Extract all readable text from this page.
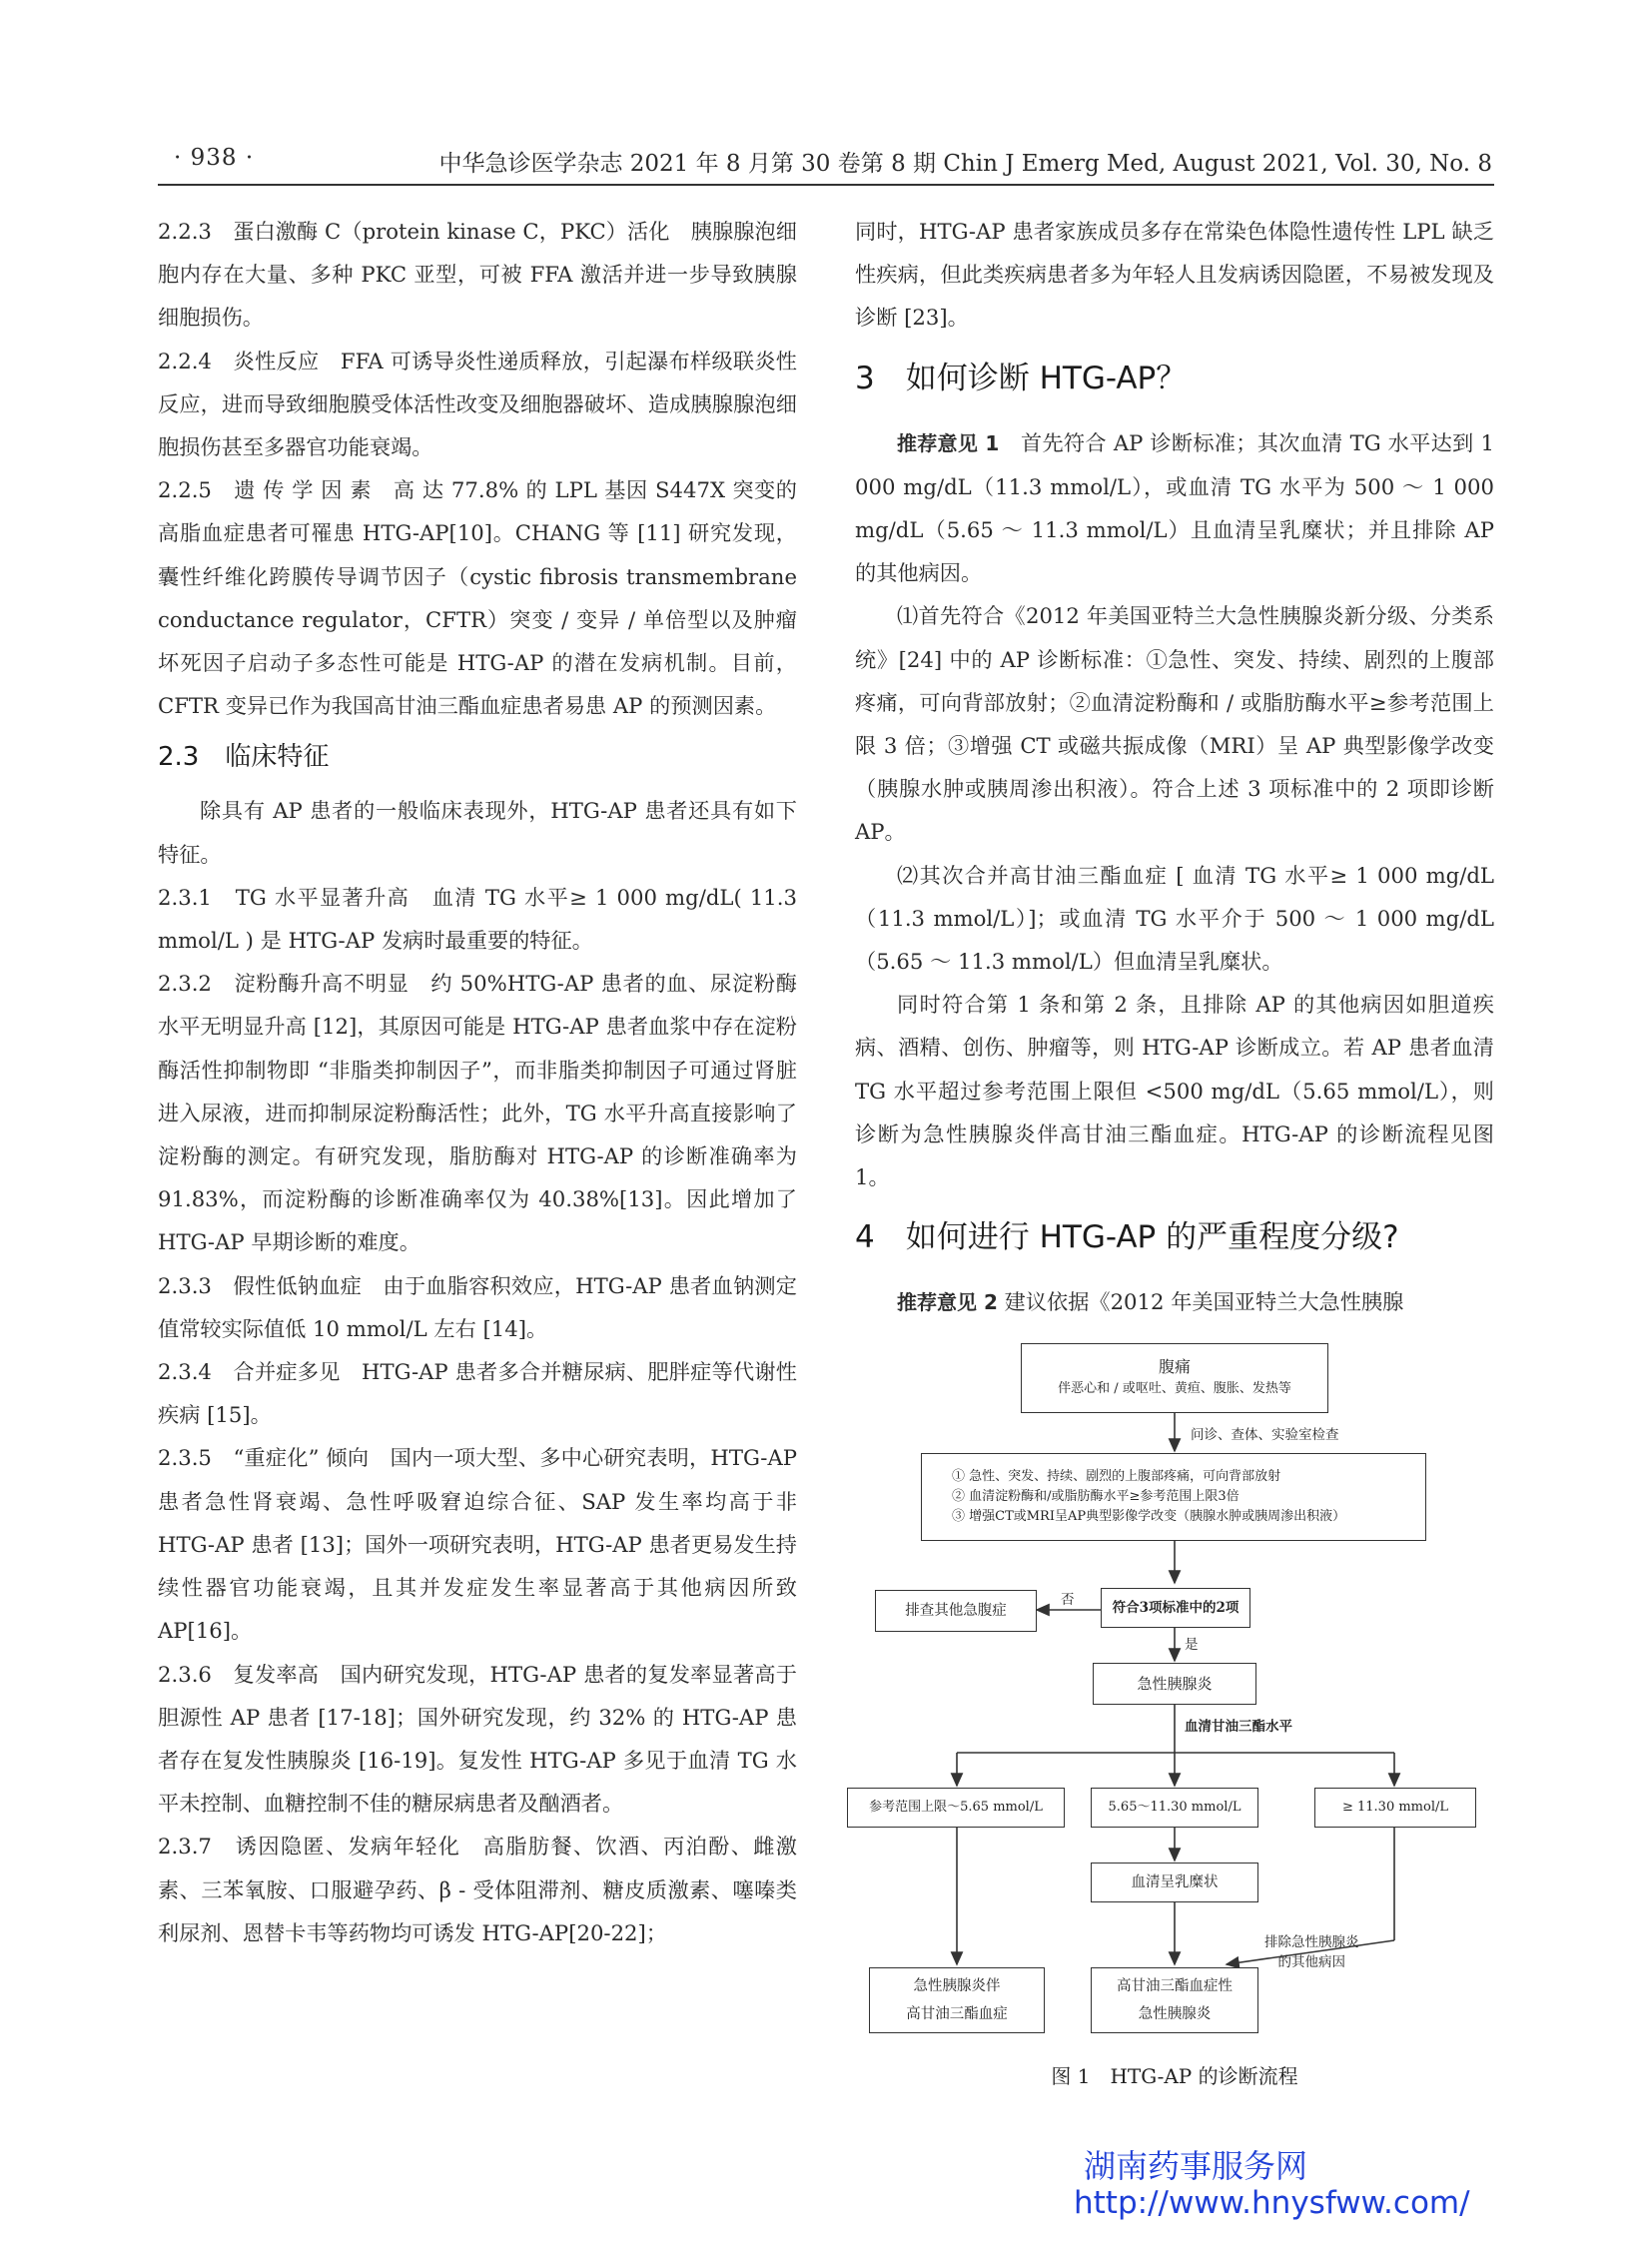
· 938 ·	中华急诊医学杂志 2021 年 8 月第 30 卷第 8 期 Chin J Emerg Med, August 2021, Vol. 30, No. 8

2.2.3　蛋白激酶 C（protein kinase C，PKC）活化　胰腺腺泡细胞内存在大量、多种 PKC 亚型，可被 FFA 激活并进一步导致胰腺细胞损伤。

2.2.4　炎性反应　FFA 可诱导炎性递质释放，引起瀑布样级联炎性反应，进而导致细胞膜受体活性改变及细胞器破坏、造成胰腺腺泡细胞损伤甚至多器官功能衰竭。

2.2.5　遗 传 学 因 素　高 达 77.8% 的 LPL 基因 S447X 突变的高脂血症患者可罹患 HTG-AP[10]。CHANG 等 [11] 研究发现，囊性纤维化跨膜传导调节因子（cystic fibrosis transmembrane conductance regulator，CFTR）突变 / 变异 / 单倍型以及肿瘤坏死因子启动子多态性可能是 HTG-AP 的潜在发病机制。目前，CFTR 变异已作为我国高甘油三酯血症患者易患 AP 的预测因素。

2.3　临床特征

除具有 AP 患者的一般临床表现外，HTG-AP 患者还具有如下特征。

2.3.1　TG 水平显著升高　血清 TG 水平≥ 1 000 mg/dL( 11.3 mmol/L ) 是 HTG-AP 发病时最重要的特征。

2.3.2　淀粉酶升高不明显　约 50%HTG-AP 患者的血、尿淀粉酶水平无明显升高 [12]，其原因可能是 HTG-AP 患者血浆中存在淀粉酶活性抑制物即 “非脂类抑制因子”，而非脂类抑制因子可通过肾脏进入尿液，进而抑制尿淀粉酶活性；此外，TG 水平升高直接影响了淀粉酶的测定。有研究发现，脂肪酶对 HTG-AP 的诊断准确率为 91.83%，而淀粉酶的诊断准确率仅为 40.38%[13]。因此增加了 HTG-AP 早期诊断的难度。

2.3.3　假性低钠血症　由于血脂容积效应，HTG-AP 患者血钠测定值常较实际值低 10 mmol/L 左右 [14]。

2.3.4　合并症多见　HTG-AP 患者多合并糖尿病、肥胖症等代谢性疾病 [15]。

2.3.5　“重症化” 倾向　国内一项大型、多中心研究表明，HTG-AP 患者急性肾衰竭、急性呼吸窘迫综合征、SAP 发生率均高于非 HTG-AP 患者 [13]；国外一项研究表明，HTG-AP 患者更易发生持续性器官功能衰竭，且其并发症发生率显著高于其他病因所致 AP[16]。

2.3.6　复发率高　国内研究发现，HTG-AP 患者的复发率显著高于胆源性 AP 患者 [17-18]；国外研究发现，约 32% 的 HTG-AP 患者存在复发性胰腺炎 [16-19]。复发性 HTG-AP 多见于血清 TG 水平未控制、血糖控制不佳的糖尿病患者及酗酒者。

2.3.7　诱因隐匿、发病年轻化　高脂肪餐、饮酒、丙泊酚、雌激素、三苯氧胺、口服避孕药、β - 受体阻滞剂、糖皮质激素、噻嗪类利尿剂、恩替卡韦等药物均可诱发 HTG-AP[20-22]；

同时，HTG-AP 患者家族成员多存在常染色体隐性遗传性 LPL 缺乏性疾病，但此类疾病患者多为年轻人且发病诱因隐匿，不易被发现及诊断 [23]。

3　如何诊断 HTG-AP？

推荐意见 1　首先符合 AP 诊断标准；其次血清 TG 水平达到 1 000 mg/dL（11.3 mmol/L），或血清 TG 水平为 500 ～ 1 000 mg/dL（5.65 ～ 11.3 mmol/L）且血清呈乳糜状；并且排除 AP 的其他病因。

⑴首先符合《2012 年美国亚特兰大急性胰腺炎新分级、分类系统》[24] 中的 AP 诊断标准：①急性、突发、持续、剧烈的上腹部疼痛，可向背部放射；②血清淀粉酶和 / 或脂肪酶水平≥参考范围上限 3 倍；③增强 CT 或磁共振成像（MRI）呈 AP 典型影像学改变（胰腺水肿或胰周渗出积液）。符合上述 3 项标准中的 2 项即诊断 AP。

⑵其次合并高甘油三酯血症 [ 血清 TG 水平≥ 1 000 mg/dL（11.3 mmol/L）]；或血清 TG 水平介于 500 ～ 1 000 mg/dL（5.65 ～ 11.3 mmol/L）但血清呈乳糜状。

同时符合第 1 条和第 2 条，且排除 AP 的其他病因如胆道疾病、酒精、创伤、肿瘤等，则 HTG-AP 诊断成立。若 AP 患者血清 TG 水平超过参考范围上限但 <500 mg/dL（5.65 mmol/L），则诊断为急性胰腺炎伴高甘油三酯血症。HTG-AP 的诊断流程见图 1。

4　如何进行 HTG-AP 的严重程度分级?

推荐意见 2 建议依据《2012 年美国亚特兰大急性胰腺

腹痛
伴恶心和 / 或呕吐、黄疸、腹胀、发热等
问诊、查体、实验室检查
① 急性、突发、持续、剧烈的上腹部疼痛，可向背部放射
② 血清淀粉酶和/或脂肪酶水平≥参考范围上限3倍
③ 增强CT或MRI呈AP典型影像学改变（胰腺水肿或胰周渗出积液）
排查其他急腹症
否	符合3项标准中的2项
是
急性胰腺炎
血清甘油三酯水平
参考范围上限～5.65 mmol/L	5.65～11.30 mmol/L	≥ 11.30 mmol/L
血清呈乳糜状
排除急性胰腺炎
的其他病因
急性胰腺炎伴
高甘油三酯血症
高甘油三酯血症性
急性胰腺炎
图 1　HTG-AP 的诊断流程
湖南药事服务网
http://www.hnysfww.com/
